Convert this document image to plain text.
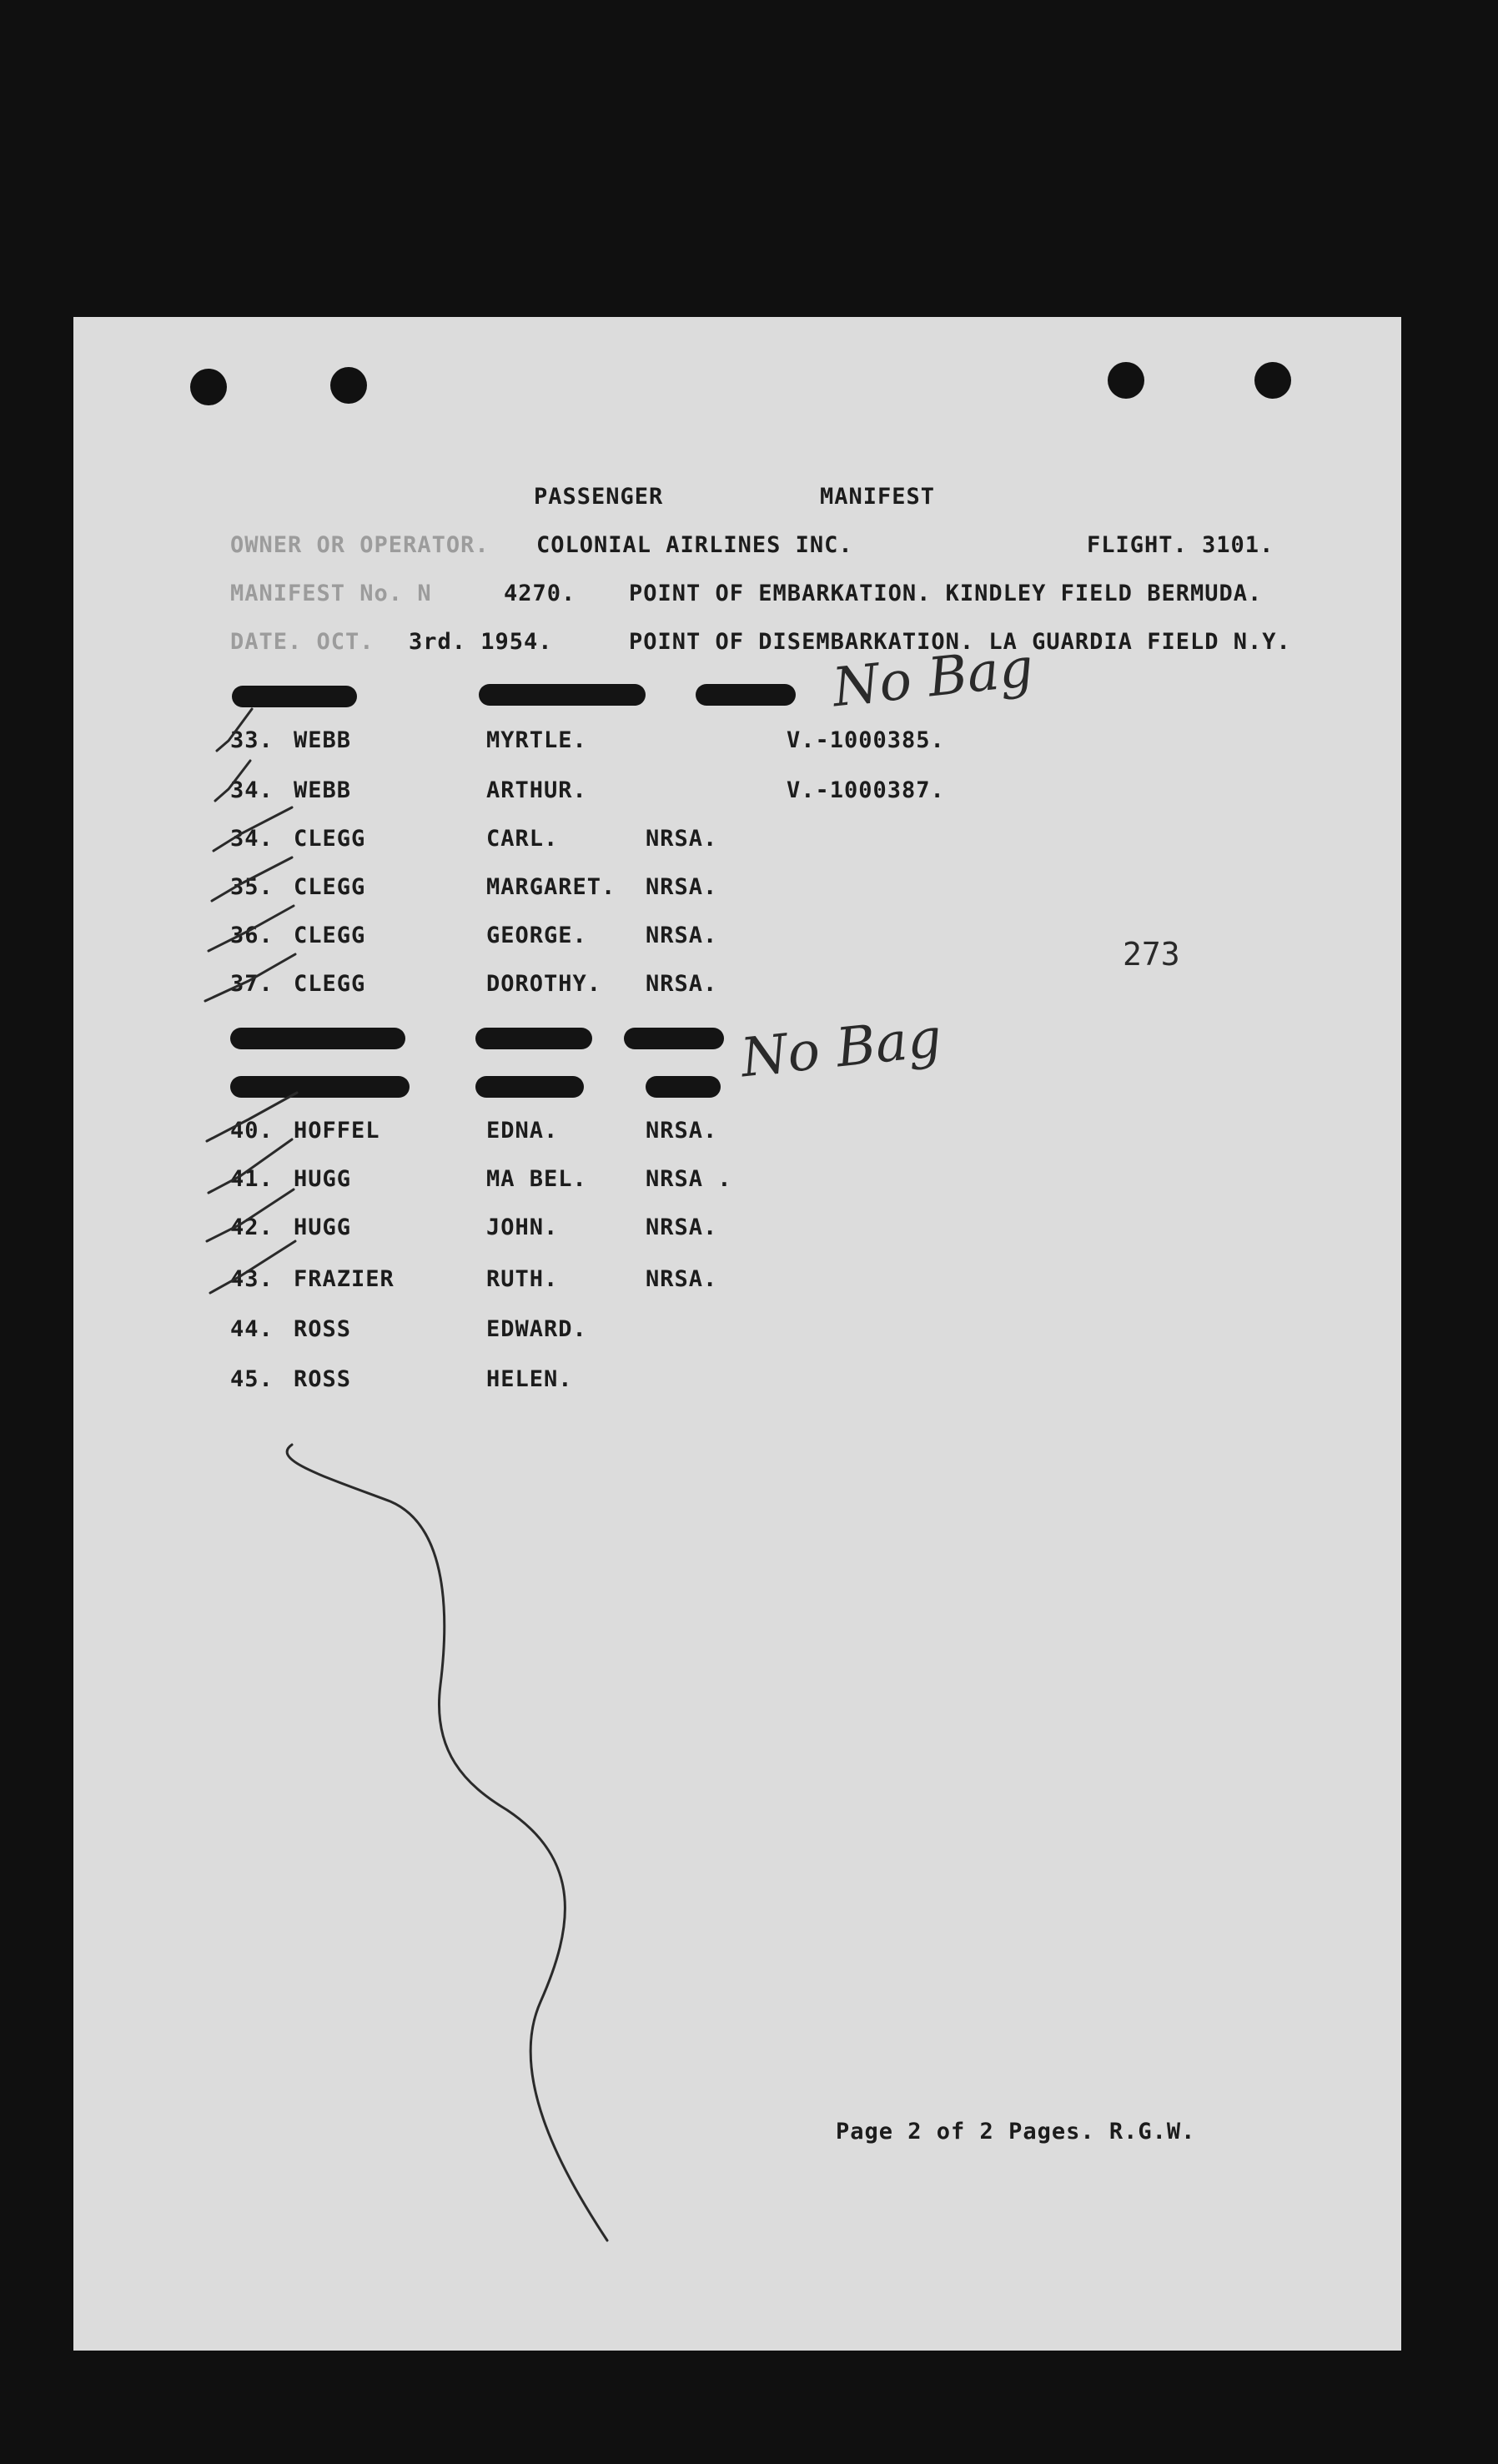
PASSENGER	MANIFEST
OWNER OR OPERATOR. COLONIAL AIRLINES INC.	FLIGHT. 3101.
MANIFEST No. N	4270. POINT OF EMBARKATION. KINDLEY FIELD BERMUDA.
DATE. OCT. 3rd. 1954.	POINT OF DISEMBARKATION. LA GUARDIA FIELD N.Y.
No Bag
33. WEBB	MYRTLE.	V.-1000385.
34. WEBB	ARTHUR.	V.-1000387.
34. CLEGG	CARL.	NRSA.
35. CLEGG	MARGARET. NRSA.
36. CLEGG	GEORGE.	NRSA.
37. CLEGG	DOROTHY. NRSA.
No Bag
40. HOFFEL	EDNA.	NRSA.
41. HUGG	MA BEL.	NRSA .
42. HUGG	JOHN.	NRSA.
43. FRAZIER	RUTH.	NRSA.
44. ROSS	EDWARD.
45. ROSS	HELEN.
273
Page 2 of 2 Pages. R.G.W.
